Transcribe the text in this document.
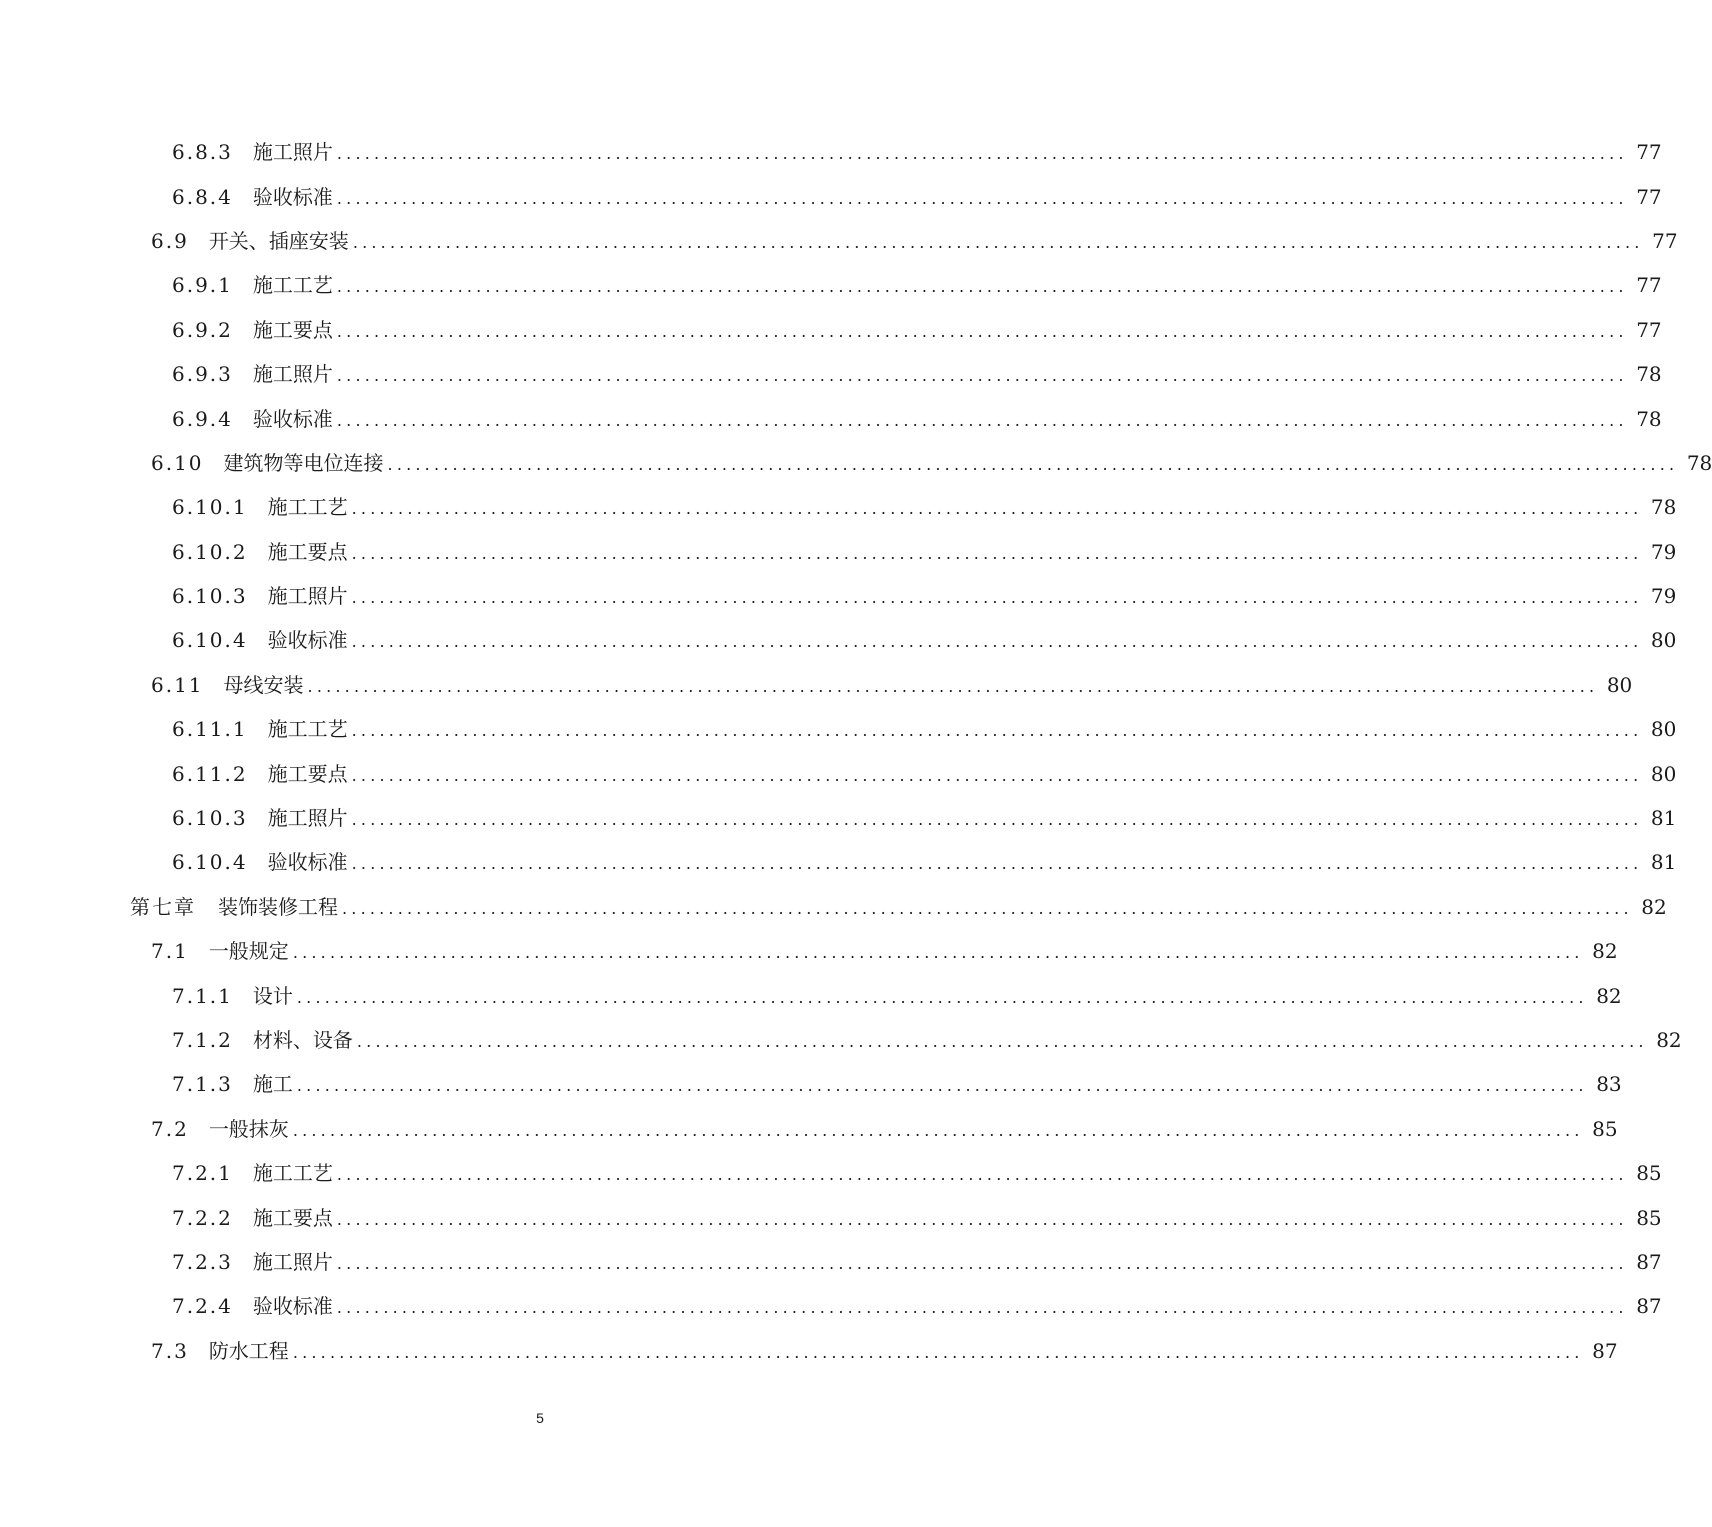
6.8.3 施工照片 ........................................................................................................................................... 77
6.8.4 验收标准 ........................................................................................................................................... 77
6.9 开关、插座安装 ........................................................................................................................................... 77
6.9.1 施工工艺 ........................................................................................................................................... 77
6.9.2 施工要点 ........................................................................................................................................... 77
6.9.3 施工照片 ........................................................................................................................................... 78
6.9.4 验收标准 ........................................................................................................................................... 78
6.10 建筑物等电位连接 ........................................................................................................................................... 78
6.10.1 施工工艺 ........................................................................................................................................... 78
6.10.2 施工要点 ........................................................................................................................................... 79
6.10.3 施工照片 ........................................................................................................................................... 79
6.10.4 验收标准 ........................................................................................................................................... 80
6.11 母线安装 ........................................................................................................................................... 80
6.11.1 施工工艺 ........................................................................................................................................... 80
6.11.2 施工要点 ........................................................................................................................................... 80
6.10.3 施工照片 ........................................................................................................................................... 81
6.10.4 验收标准 ........................................................................................................................................... 81
第七章 装饰装修工程 ........................................................................................................................................... 82
7.1 一般规定 ........................................................................................................................................... 82
7.1.1 设计 ........................................................................................................................................... 82
7.1.2 材料、设备 ........................................................................................................................................... 82
7.1.3 施工 ........................................................................................................................................... 83
7.2 一般抹灰 ........................................................................................................................................... 85
7.2.1 施工工艺 ........................................................................................................................................... 85
7.2.2 施工要点 ........................................................................................................................................... 85
7.2.3 施工照片 ........................................................................................................................................... 87
7.2.4 验收标准 ........................................................................................................................................... 87
7.3 防水工程 ........................................................................................................................................... 87
5
